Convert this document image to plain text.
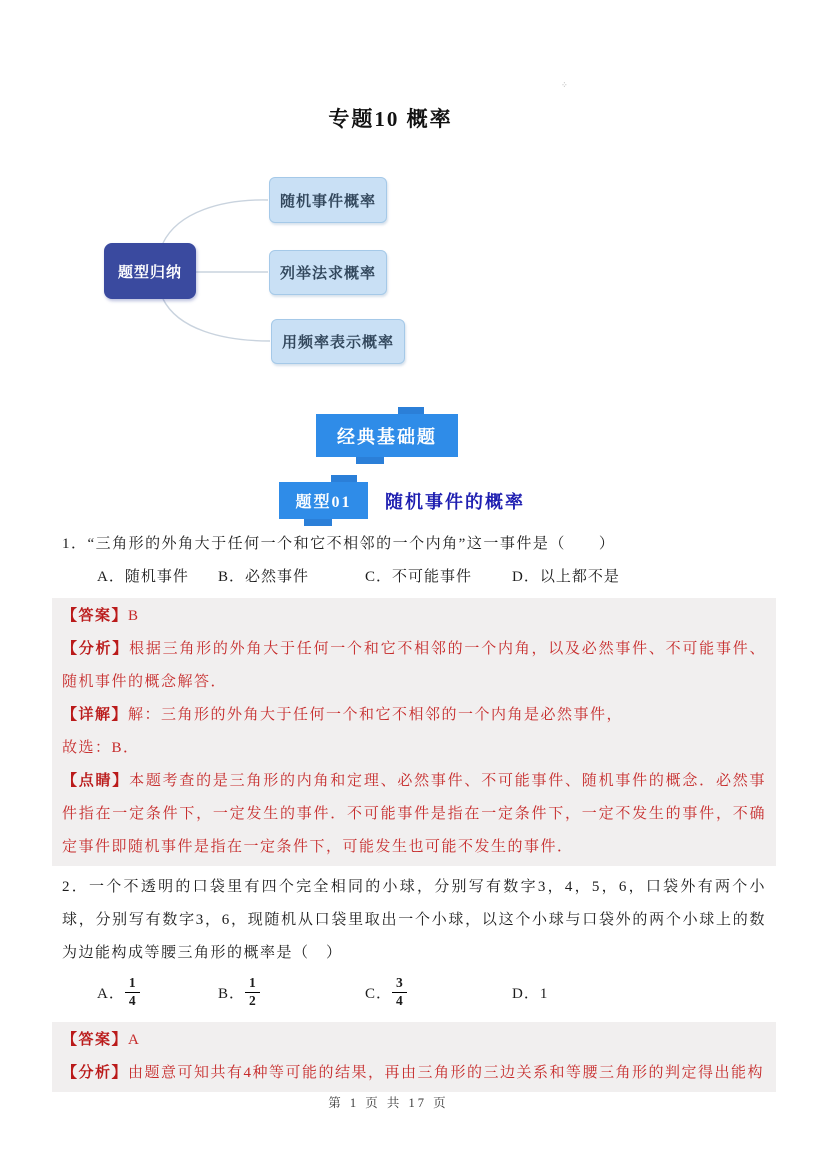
᠅
专题10 概率
题型归纳
随机事件概率
列举法求概率
用频率表示概率
经典基础题
题型01 随机事件的概率

1．“三角形的外角大于任何一个和它不相邻的一个内角”这一事件是（　　）

A．随机事件	B．必然事件	C．不可能事件	D．以上都不是

【答案】B

【分析】根据三角形的外角大于任何一个和它不相邻的一个内角，以及必然事件、不可能事件、随机事件的概念解答．

【详解】解：三角形的外角大于任何一个和它不相邻的一个内角是必然事件，

故选：B．

【点睛】本题考查的是三角形的内角和定理、必然事件、不可能事件、随机事件的概念．必然事件指在一定条件下，一定发生的事件．不可能事件是指在一定条件下，一定不发生的事件，不确定事件即随机事件是指在一定条件下，可能发生也可能不发生的事件．

2．一个不透明的口袋里有四个完全相同的小球，分别写有数字3，4，5，6，口袋外有两个小球，分别写有数字3，6，现随机从口袋里取出一个小球，以这个小球与口袋外的两个小球上的数为边能构成等腰三角形的概率是（　）

A． $\frac{1}{4}$	B． $\frac{1}{2}$	C． $\frac{3}{4}$	D．1

【答案】A

【分析】由题意可知共有4种等可能的结果，再由三角形的三边关系和等腰三角形的判定得出能构

第 1 页 共 17 页
